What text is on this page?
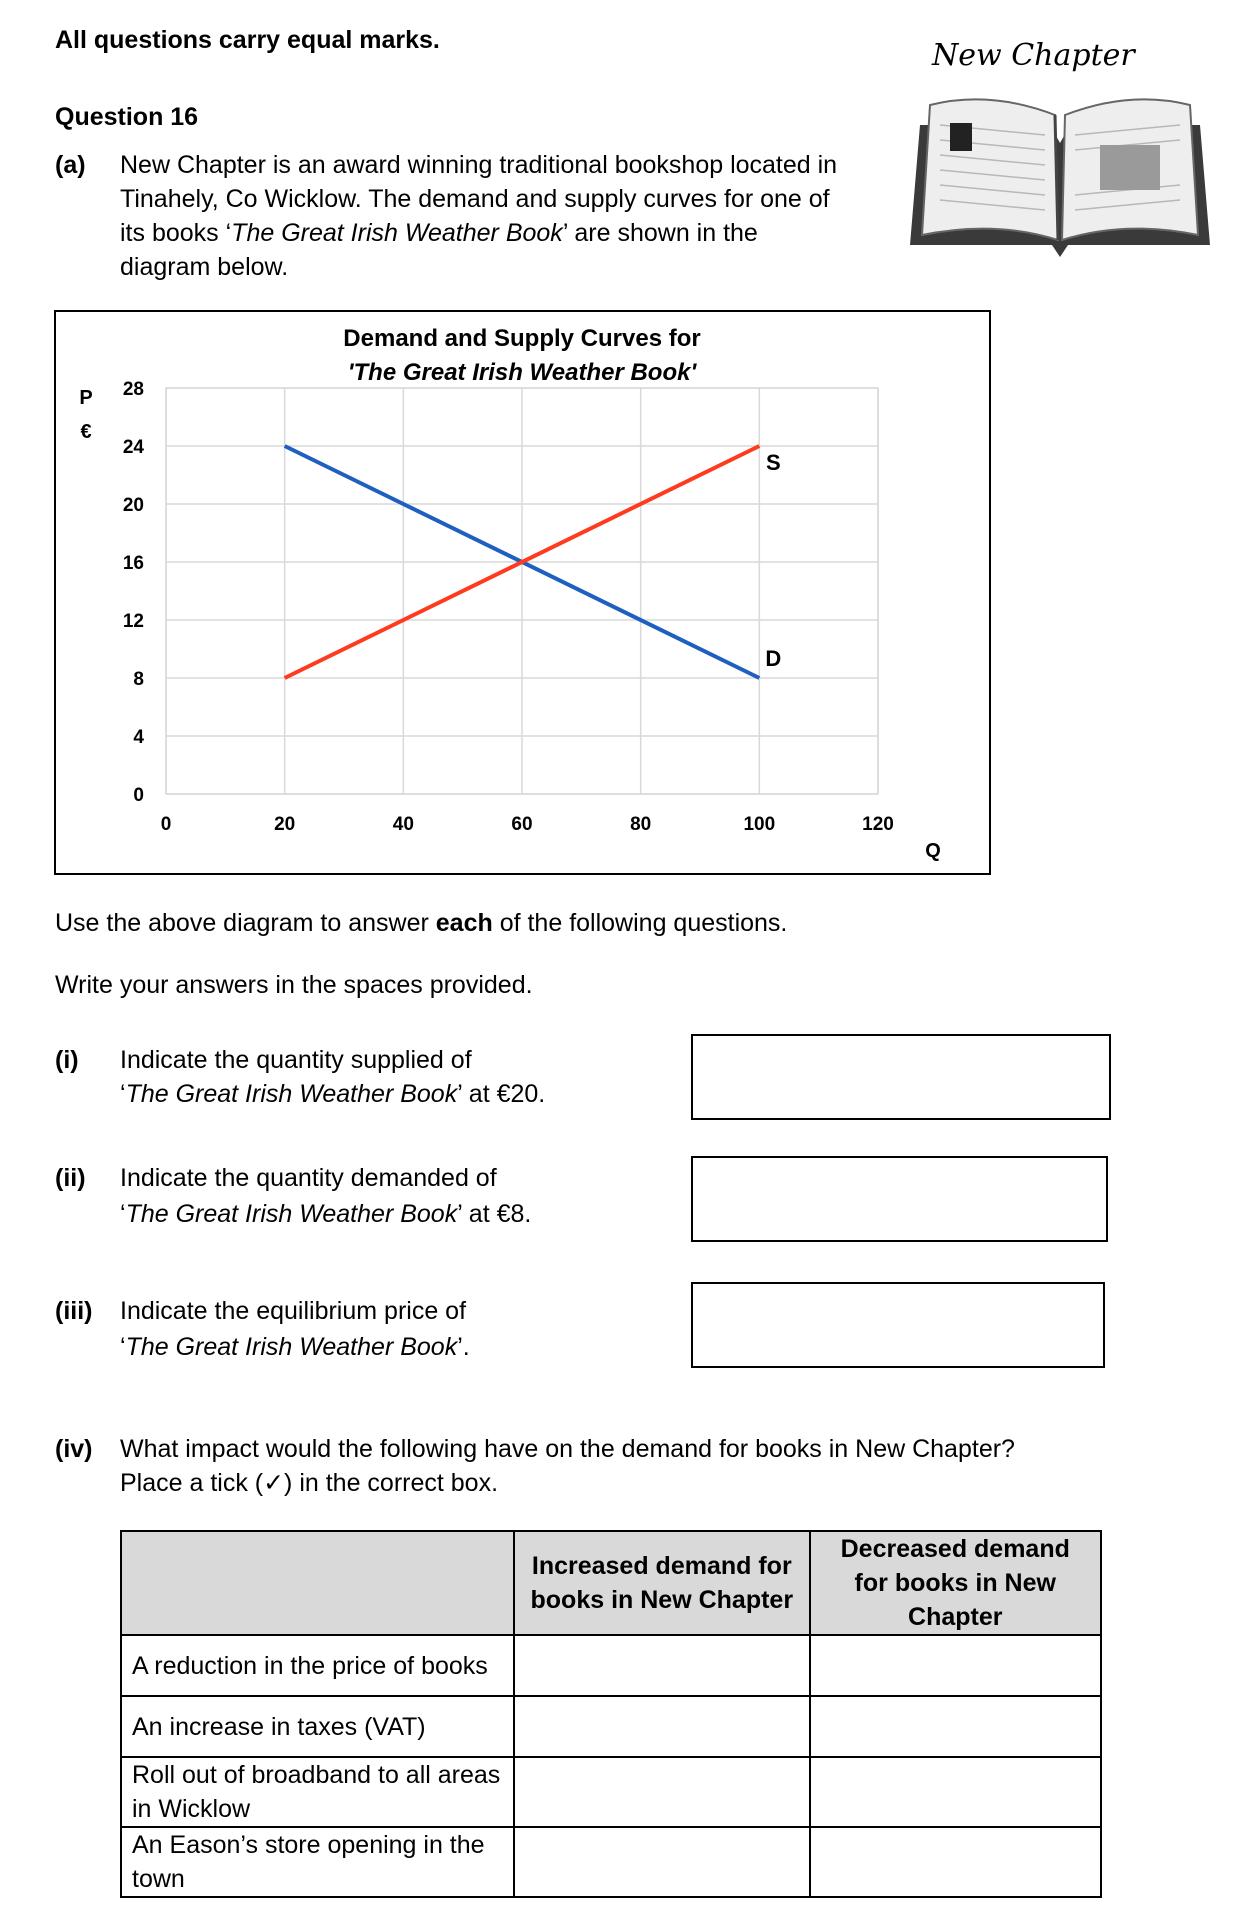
All questions carry equal marks.
Question 16
New Chapter
(a) New Chapter is an award winning traditional bookshop located in
Tinahely, Co Wicklow. The demand and supply curves for one of
its books ‘The Great Irish Weather Book’ are shown in the
diagram below.
Demand and Supply Curves for
'The Great Irish Weather Book'
P
€
Q
D
S
0	20	40	60	80	100	120
0
4
8
12
16
20
24
28
Use the above diagram to answer each of the following questions.
Write your answers in the spaces provided.
(i)	Indicate the quantity supplied of
‘The Great Irish Weather Book’ at €20.
(ii)	Indicate the quantity demanded of
‘The Great Irish Weather Book’ at €8.
(iii)	Indicate the equilibrium price of
‘The Great Irish Weather Book’.
(iv)	What impact would the following have on the demand for books in New Chapter?
Place a tick (✓) in the correct box.
	Increased demand for books in New Chapter	Decreased demand for books in New Chapter
A reduction in the price of books		
An increase in taxes (VAT)		
Roll out of broadband to all areas in Wicklow		
An Eason’s store opening in the town		
